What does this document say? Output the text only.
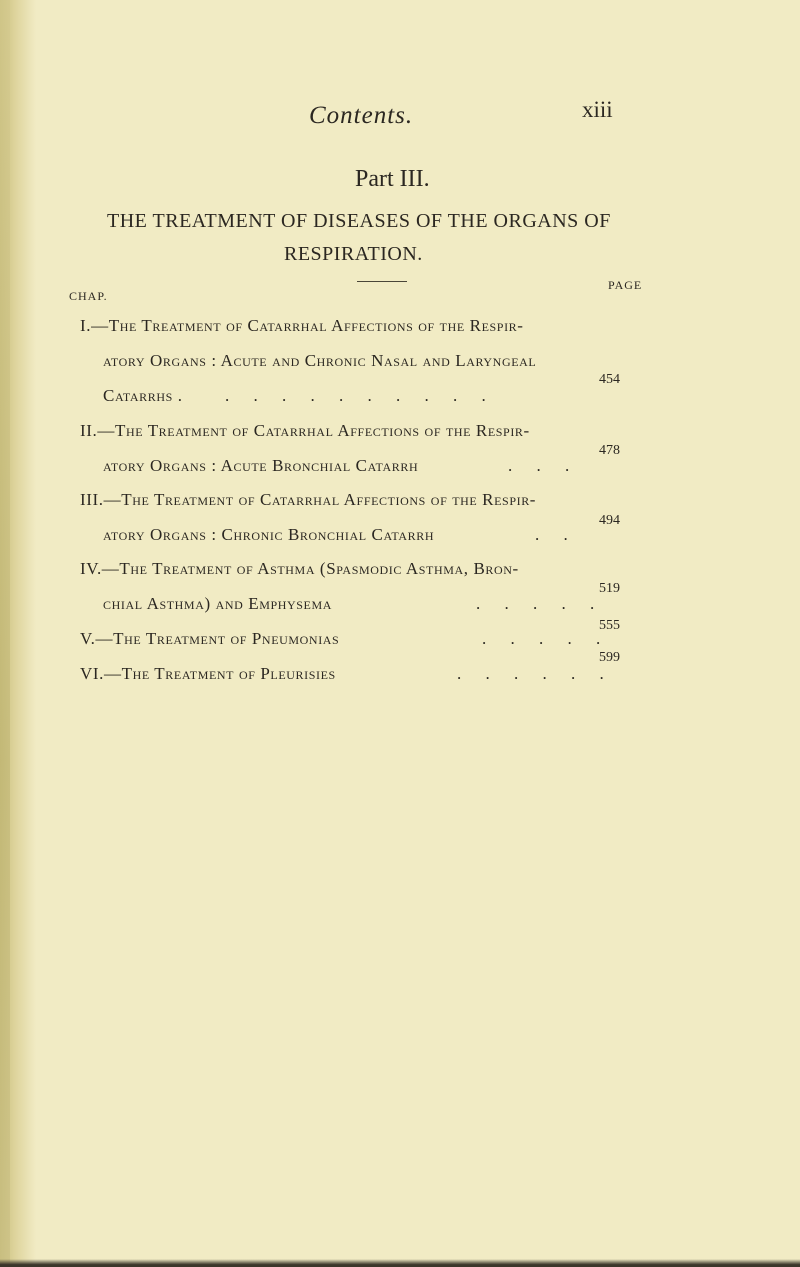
Contents.	xiii
Part III.
THE TREATMENT OF DISEASES OF THE ORGANS OF
RESPIRATION.
PAGE
CHAP.
I.—The Treatment of Catarrhal Affections of the Respir-
atory Organs : Acute and Chronic Nasal and Laryngeal
Catarrhs . . . . . . . . . . .
454
II.—The Treatment of Catarrhal Affections of the Respir-
atory Organs : Acute Bronchial Catarrh	. . .
478
III.—The Treatment of Catarrhal Affections of the Respir-
atory Organs : Chronic Bronchial Catarrh	. .
494
IV.—The Treatment of Asthma (Spasmodic Asthma, Bron-
chial Asthma) and Emphysema	. . . . .
519
V.—The Treatment of Pneumonias	. . . . .
555
VI.—The Treatment of Pleurisies	. . . . . .
599
